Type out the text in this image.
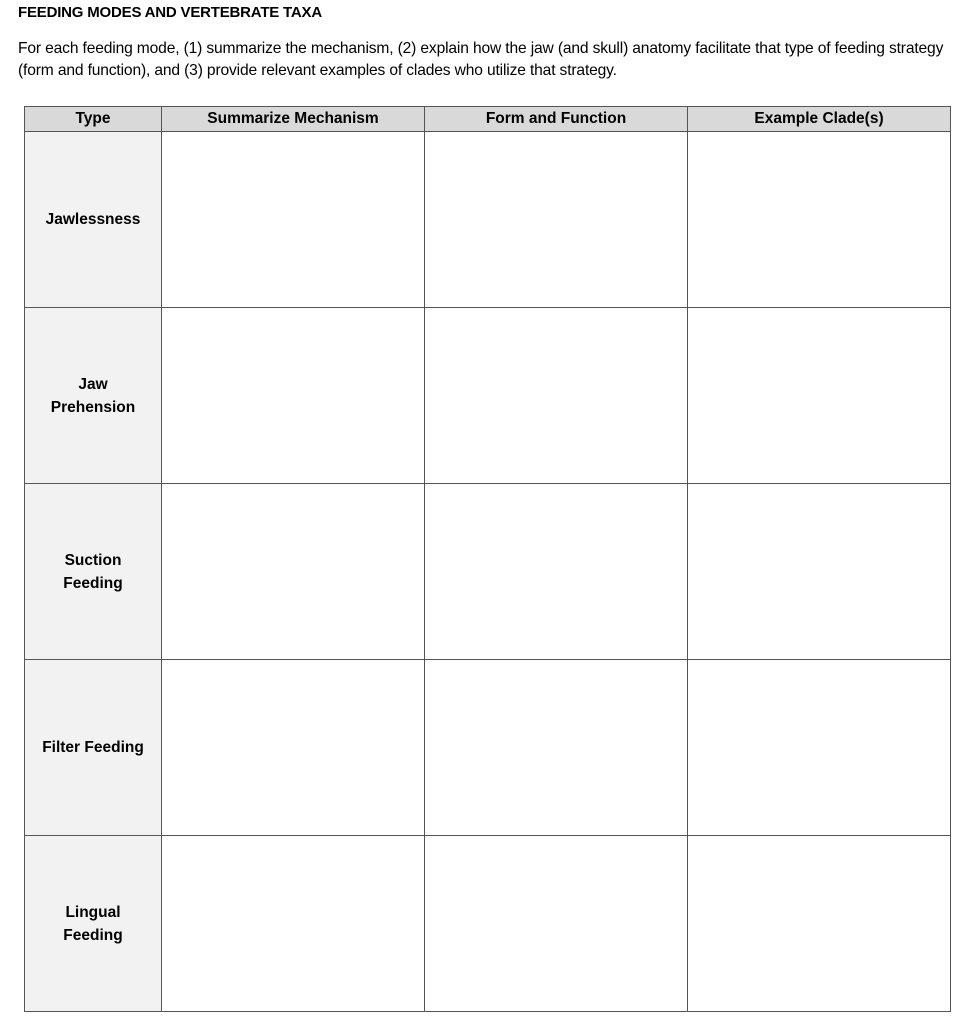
FEEDING MODES AND VERTEBRATE TAXA
For each feeding mode, (1) summarize the mechanism, (2) explain how the jaw (and skull) anatomy facilitate that type of feeding strategy (form and function), and (3) provide relevant examples of clades who utilize that strategy.
Type	Summarize Mechanism	Form and Function	Example Clade(s)

Jawlessness			

Jaw
Prehension			

Suction
Feeding			

Filter Feeding			

Lingual
Feeding			
